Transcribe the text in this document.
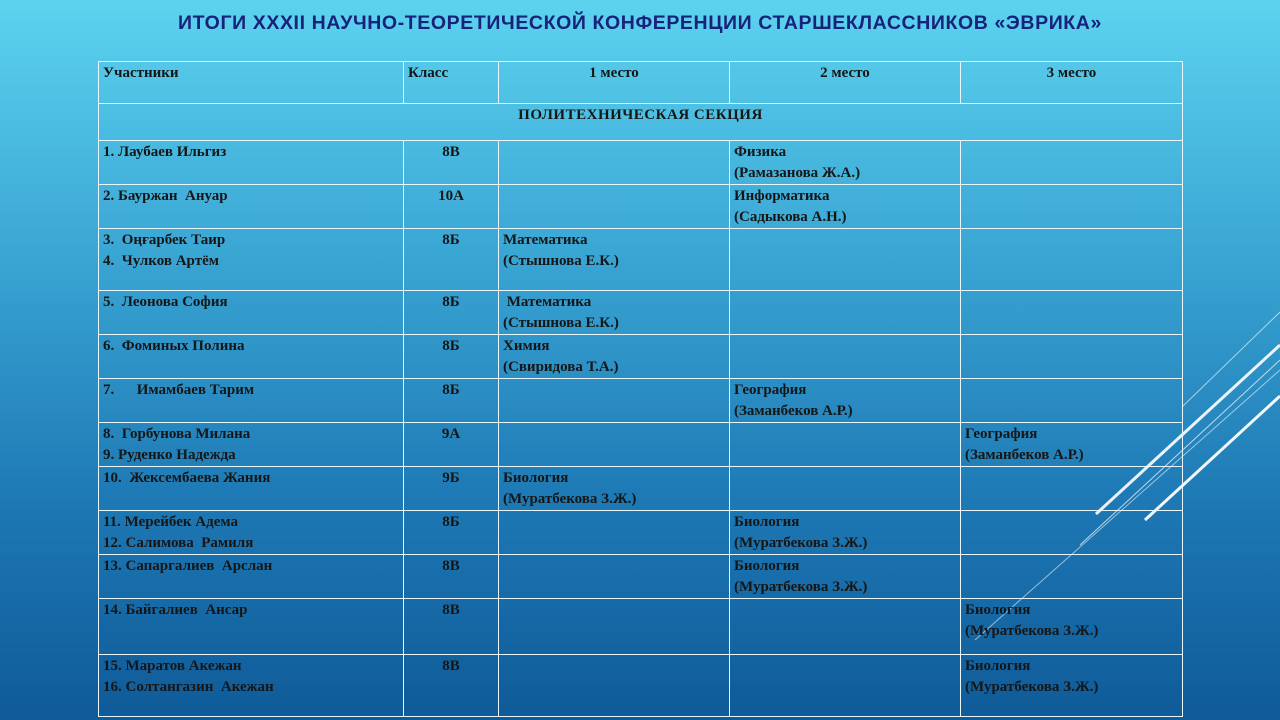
ИТОГИ XXXII НАУЧНО-ТЕОРЕТИЧЕСКОЙ КОНФЕРЕНЦИИ СТАРШЕКЛАССНИКОВ «ЭВРИКА»
Участники	Класс	1 место	2 место	3 место
ПОЛИТЕХНИЧЕСКАЯ СЕКЦИЯ				

1. Лаубаев Ильгиз	8В		Физика
(Рамазанова Ж.А.)	

2. Бауржан  Ануар	10А		Информатика
(Садыкова А.Н.)	

3.  Оңғарбек Таир
4.  Чулков Артём	8Б	Математика
(Стышнова Е.К.)		

5.  Леонова София	8Б	Математика
(Стышнова Е.К.)		

6.  Фоминых Полина	8Б	Химия
(Свиридова Т.А.)		

7.      Имамбаев Тарим	8Б		География
(Заманбеков А.Р.)	

8.  Горбунова Милана
9. Руденко Надежда	9А			География
(Заманбеков А.Р.)

10.  Жексембаева Жания	9Б	Биология
(Муратбекова З.Ж.)		

11. Мерейбек Адема
12. Салимова  Рамиля	8Б		Биология
(Муратбекова З.Ж.)	

13. Сапаргалиев  Арслан	8В		Биология
(Муратбекова З.Ж.)	

14. Байгалиев  Ансар	8В			Биология
(Муратбекова З.Ж.)

15. Маратов Акежан
16. Солтангазин  Акежан	8В			Биология
(Муратбекова З.Ж.)
